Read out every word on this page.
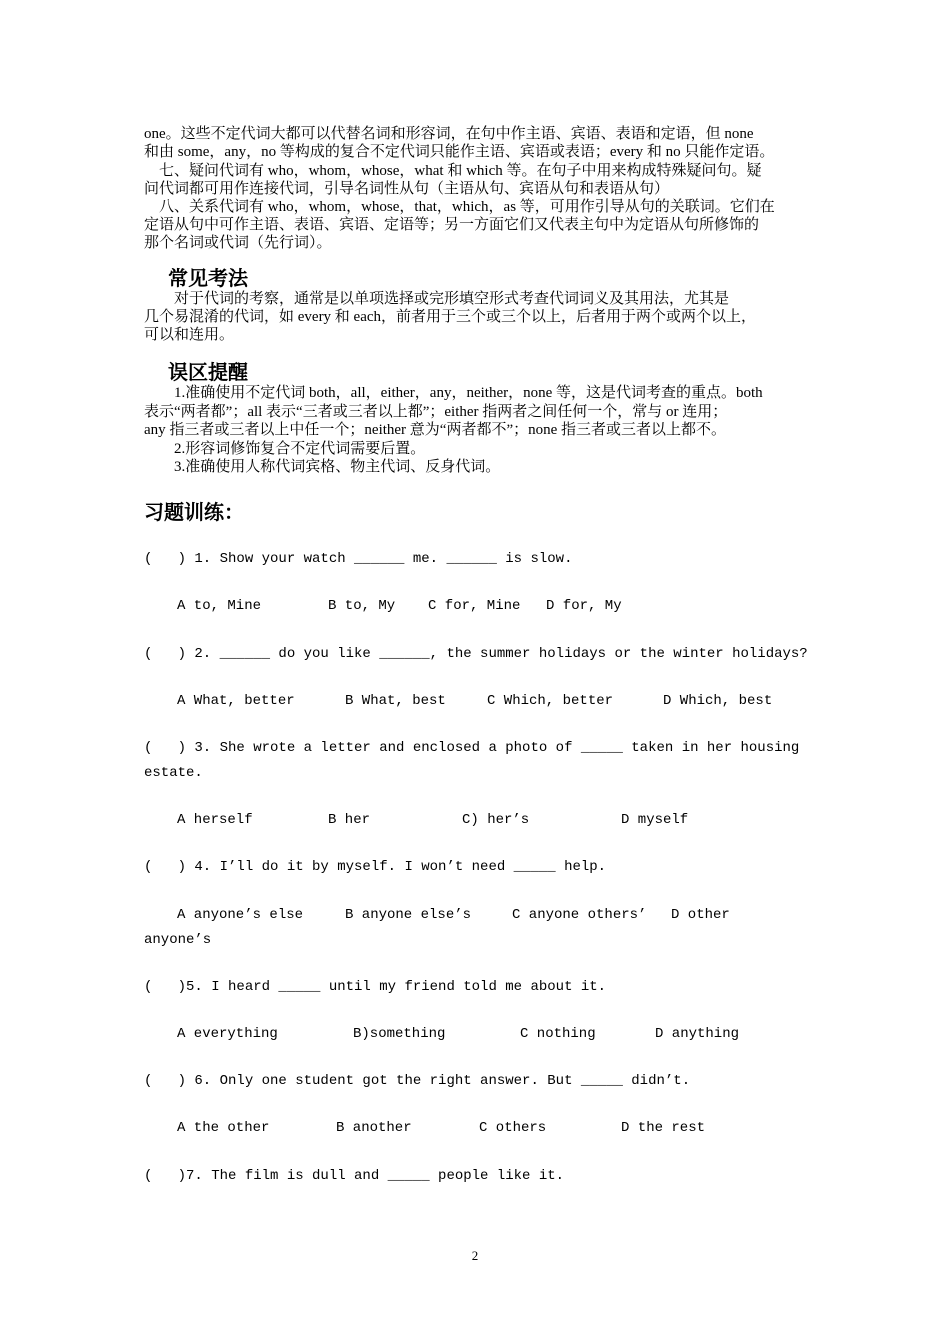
one。这些不定代词大都可以代替名词和形容词，在句中作主语、宾语、表语和定语，但 none
和由 some，any，no 等构成的复合不定代词只能作主语、宾语或表语；every 和 no 只能作定语。
　七、疑问代词有 who，whom，whose，what 和 which 等。在句子中用来构成特殊疑问句。疑
问代词都可用作连接代词，引导名词性从句（主语从句、宾语从句和表语从句）
　八、关系代词有 who，whom，whose，that，which，as 等，可用作引导从句的关联词。它们在
定语从句中可作主语、表语、宾语、定语等；另一方面它们又代表主句中为定语从句所修饰的
那个名词或代词（先行词）。
常见考法
　　对于代词的考察，通常是以单项选择或完形填空形式考查代词词义及其用法，尤其是
几个易混淆的代词，如 every 和 each，前者用于三个或三个以上，后者用于两个或两个以上，
可以和连用。
误区提醒
　　1.准确使用不定代词 both，all，either，any，neither，none 等，这是代词考查的重点。both
表示“两者都”；all 表示“三者或三者以上都”；either 指两者之间任何一个，常与 or 连用；
any 指三者或三者以上中任一个；neither 意为“两者都不”；none 指三者或三者以上都不。
　　2.形容词修饰复合不定代词需要后置。
　　3.准确使用人称代词宾格、物主代词、反身代词。
习题训练：
(   ) 1. Show your watch ______ me. ______ is slow.
A to, Mine	B to, My C for, Mine D for, My
(   ) 2. ______ do you like ______, the summer holidays or the winter holidays?
A What, better	B What, best	C Which, better	D Which, best
(   ) 3. She wrote a letter and enclosed a photo of _____ taken in her housing
estate.
A herself	B her	C) her’s	D myself
(   ) 4. I’ll do it by myself. I won’t need _____ help.
A anyone’s else	B anyone else’s	C anyone others’ D other
anyone’s
(   )5. I heard _____ until my friend told me about it.
A everything	B)something	C nothing	D anything
(   ) 6. Only one student got the right answer. But _____ didn’t.
A the other	B another	C others	D the rest
(   )7. The film is dull and _____ people like it.
2
